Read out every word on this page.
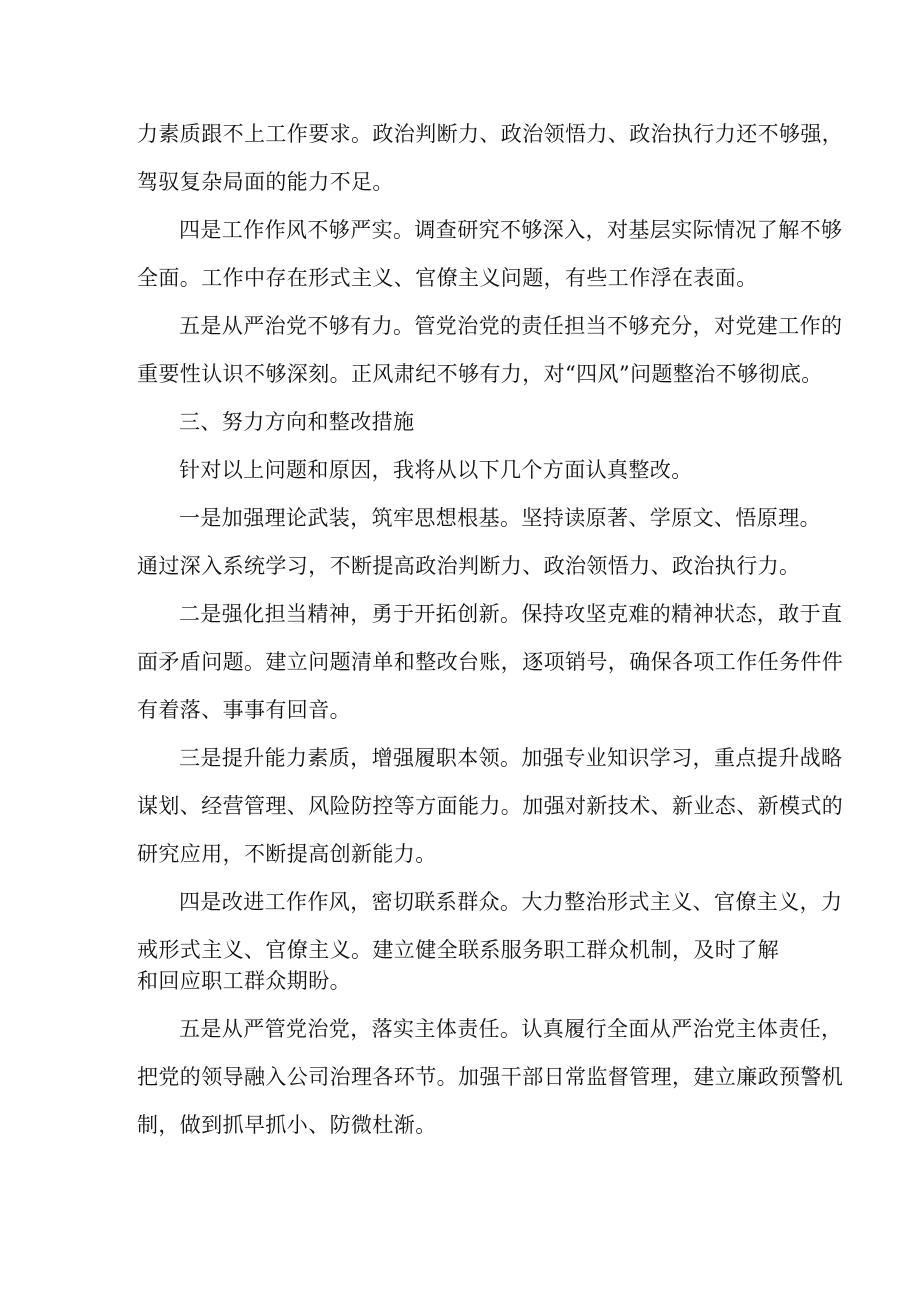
力素质跟不上工作要求。政治判断力、政治领悟力、政治执行力还不够强，
驾驭复杂局面的能力不足。
四是工作作风不够严实。调查研究不够深入，对基层实际情况了解不够
全面。工作中存在形式主义、官僚主义问题，有些工作浮在表面。
五是从严治党不够有力。管党治党的责任担当不够充分，对党建工作的
重要性认识不够深刻。正风肃纪不够有力，对“四风”问题整治不够彻底。
三、努力方向和整改措施
针对以上问题和原因，我将从以下几个方面认真整改。
一是加强理论武装，筑牢思想根基。坚持读原著、学原文、悟原理。
通过深入系统学习，不断提高政治判断力、政治领悟力、政治执行力。
二是强化担当精神，勇于开拓创新。保持攻坚克难的精神状态，敢于直
面矛盾问题。建立问题清单和整改台账，逐项销号，确保各项工作任务件件
有着落、事事有回音。
三是提升能力素质，增强履职本领。加强专业知识学习，重点提升战略
谋划、经营管理、风险防控等方面能力。加强对新技术、新业态、新模式的
研究应用，不断提高创新能力。
四是改进工作作风，密切联系群众。大力整治形式主义、官僚主义，力
戒形式主义、官僚主义。建立健全联系服务职工群众机制，及时了解
和回应职工群众期盼。
五是从严管党治党，落实主体责任。认真履行全面从严治党主体责任，
把党的领导融入公司治理各环节。加强干部日常监督管理，建立廉政预警机
制，做到抓早抓小、防微杜渐。
